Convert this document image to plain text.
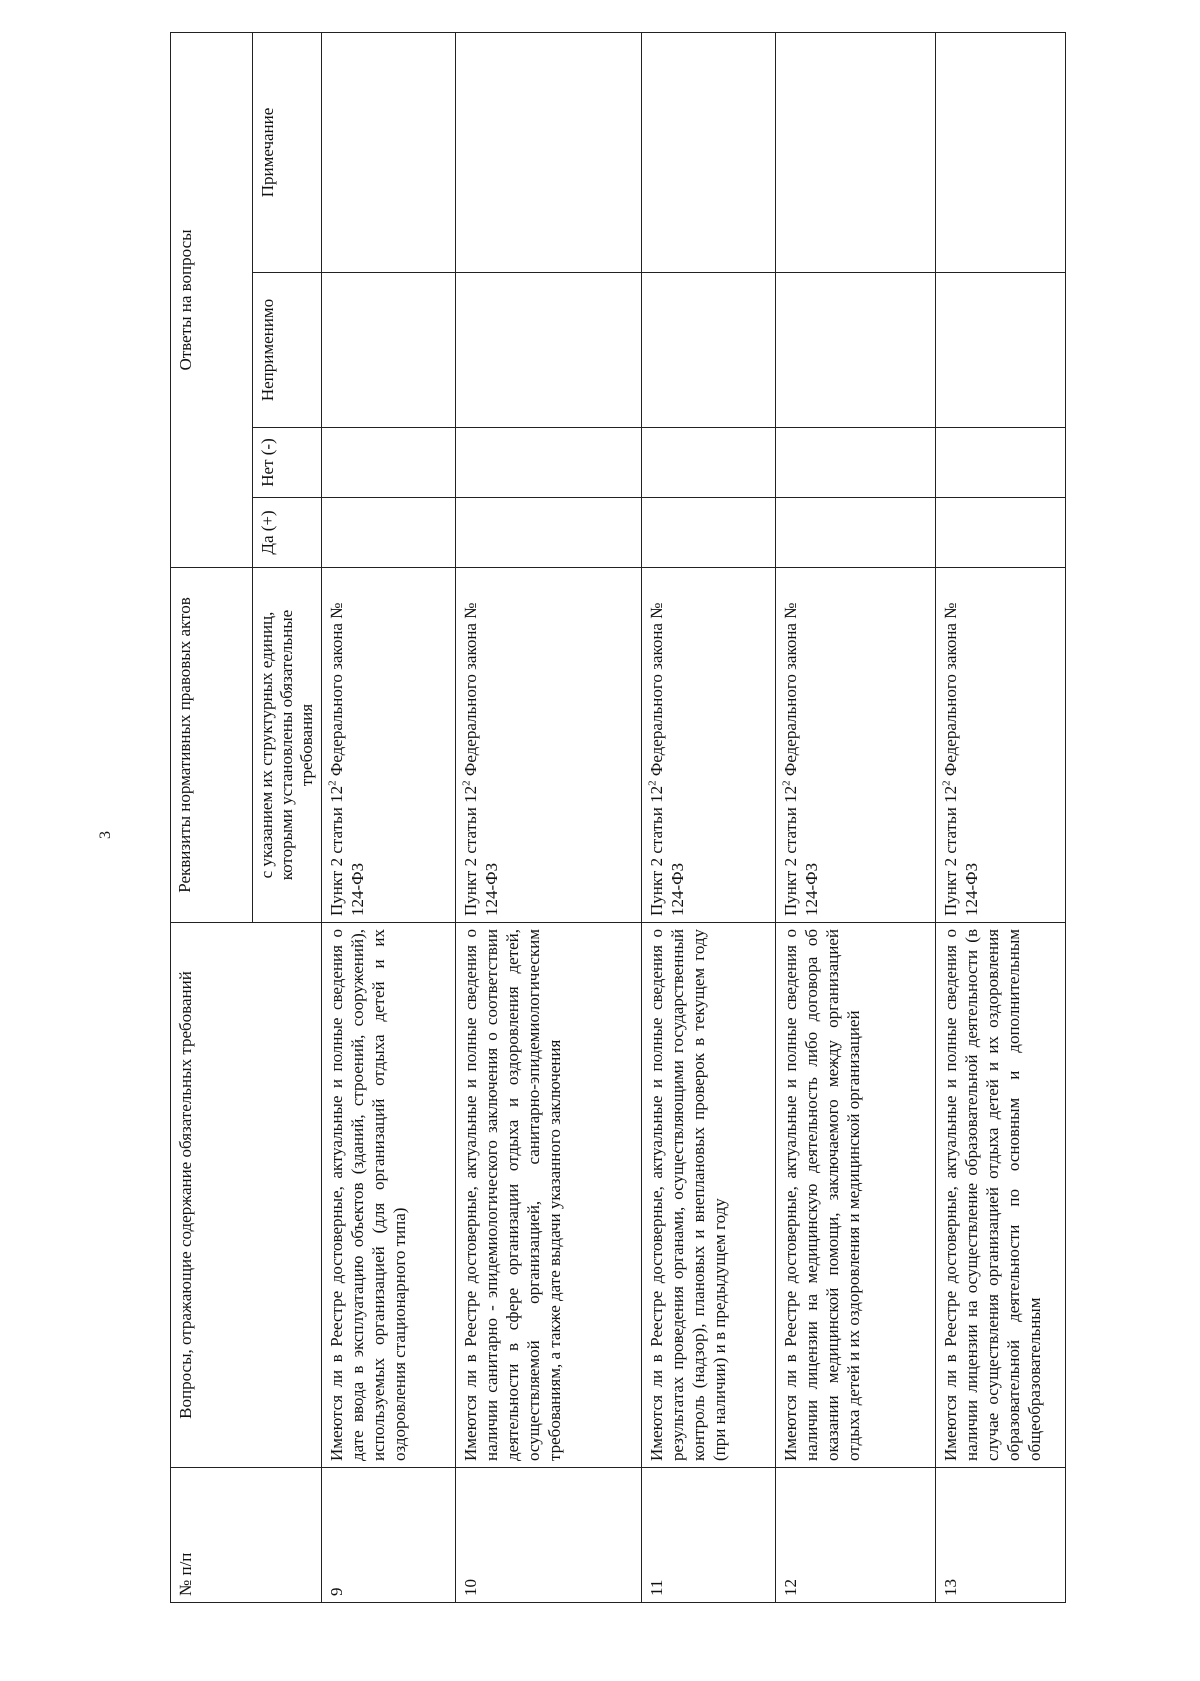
3
№ п/п	Вопросы, отражающие содержание обязательных требований	Реквизиты нормативных правовых актов	Ответы на вопросы			
		с указанием их структурных единиц, которыми установлены обязательные требования	Да (+)	Нет (-)	Неприменимо	Примечание
9	Имеются ли в Реестре достоверные, актуальные и полные сведения о дате ввода в эксплуатацию объектов (зданий, строений, сооружений), используемых организацией (для организаций отдыха детей и их оздоровления стационарного типа)	Пункт 2 статьи $12^2$ Федерального закона № 124-ФЗ				
10	Имеются ли в Реестре достоверные, актуальные и полные сведения о наличии санитарно - эпидемиологического заключения о соответствии деятельности в сфере организации отдыха и оздоровления детей, осуществляемой организацией, санитарно-эпидемиологическим требованиям, а также дате выдачи указанного заключения	Пункт 2 статьи $12^2$ Федерального закона № 124-ФЗ				
11	Имеются ли в Реестре достоверные, актуальные и полные сведения о результатах проведения органами, осуществляющими государственный контроль (надзор), плановых и внеплановых проверок в текущем году (при наличии) и в предыдущем году	Пункт 2 статьи $12^2$ Федерального закона № 124-ФЗ				
12	Имеются ли в Реестре достоверные, актуальные и полные сведения о наличии лицензии на медицинскую деятельность либо договора об оказании медицинской помощи, заключаемого между организацией отдыха детей и их оздоровления и медицинской организацией	Пункт 2 статьи $12^2$ Федерального закона № 124-ФЗ				
13	Имеются ли в Реестре достоверные, актуальные и полные сведения о наличии лицензии на осуществление образовательной деятельности (в случае осуществления организацией отдыха детей и их оздоровления образовательной деятельности по основным и дополнительным общеобразовательным	Пункт 2 статьи $12^2$ Федерального закона № 124-ФЗ				
